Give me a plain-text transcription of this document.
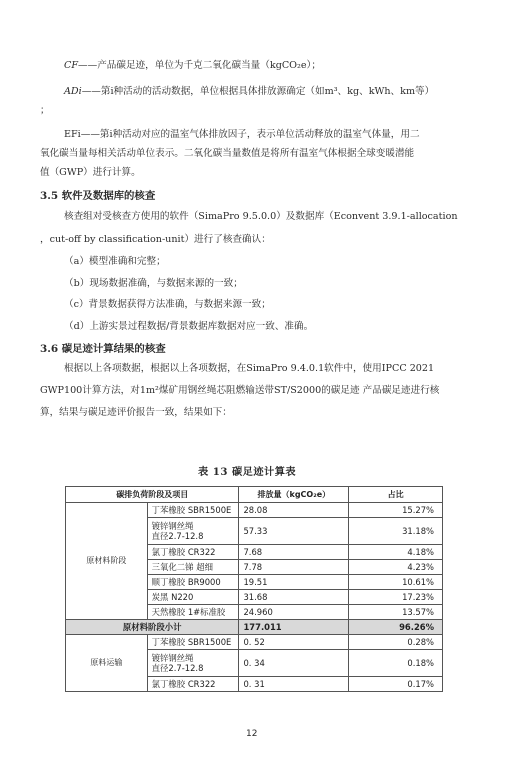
CF——产品碳足迹，单位为千克二氧化碳当量（kgCO₂e）；
ADi——第i种活动的活动数据，单位根据具体排放源确定（如m³、kg、kWh、km等）
；
EFi——第i种活动对应的温室气体排放因子，表示单位活动释放的温室气体量，用二
氧化碳当量每相关活动单位表示。二氧化碳当量数值是将所有温室气体根据全球变暖潜能
值（GWP）进行计算。
3.5 软件及数据库的核查
核查组对受核查方使用的软件（SimaPro 9.5.0.0）及数据库（Econvent 3.9.1-allocation
，cut-off by classification-unit）进行了核查确认：
（a）模型准确和完整；
（b）现场数据准确，与数据来源的一致；
（c）背景数据获得方法准确，与数据来源一致；
（d）上游实景过程数据/背景数据库数据对应一致、准确。
3.6 碳足迹计算结果的核查
根据以上各项数据，根据以上各项数据，在SimaPro 9.4.0.1软件中，使用IPCC 2021
GWP100计算方法，对1m²煤矿用钢丝绳芯阻燃输送带ST/S2000的碳足迹 产品碳足迹进行核
算，结果与碳足迹评价报告一致，结果如下：
表 13 碳足迹计算表
碳排负荷阶段及项目		排放量（kgCO₂e）	占比
原材料阶段	丁苯橡胶 SBR1500E	28.08	15.27%
	镀锌钢丝绳
直径2.7-12.8	57.33	31.18%
	氯丁橡胶 CR322	7.68	4.18%
	三氧化二锑 超细	7.78	4.23%
	顺丁橡胶 BR9000	19.51	10.61%
	炭黑 N220	31.68	17.23%
	天然橡胶 1#标准胶	24.960	13.57%
原材料阶段小计		177.011	96.26%
原料运输	丁苯橡胶 SBR1500E	0. 52	0.28%
	镀锌钢丝绳
直径2.7-12.8	0. 34	0.18%
	氯丁橡胶 CR322	0. 31	0.17%
12
